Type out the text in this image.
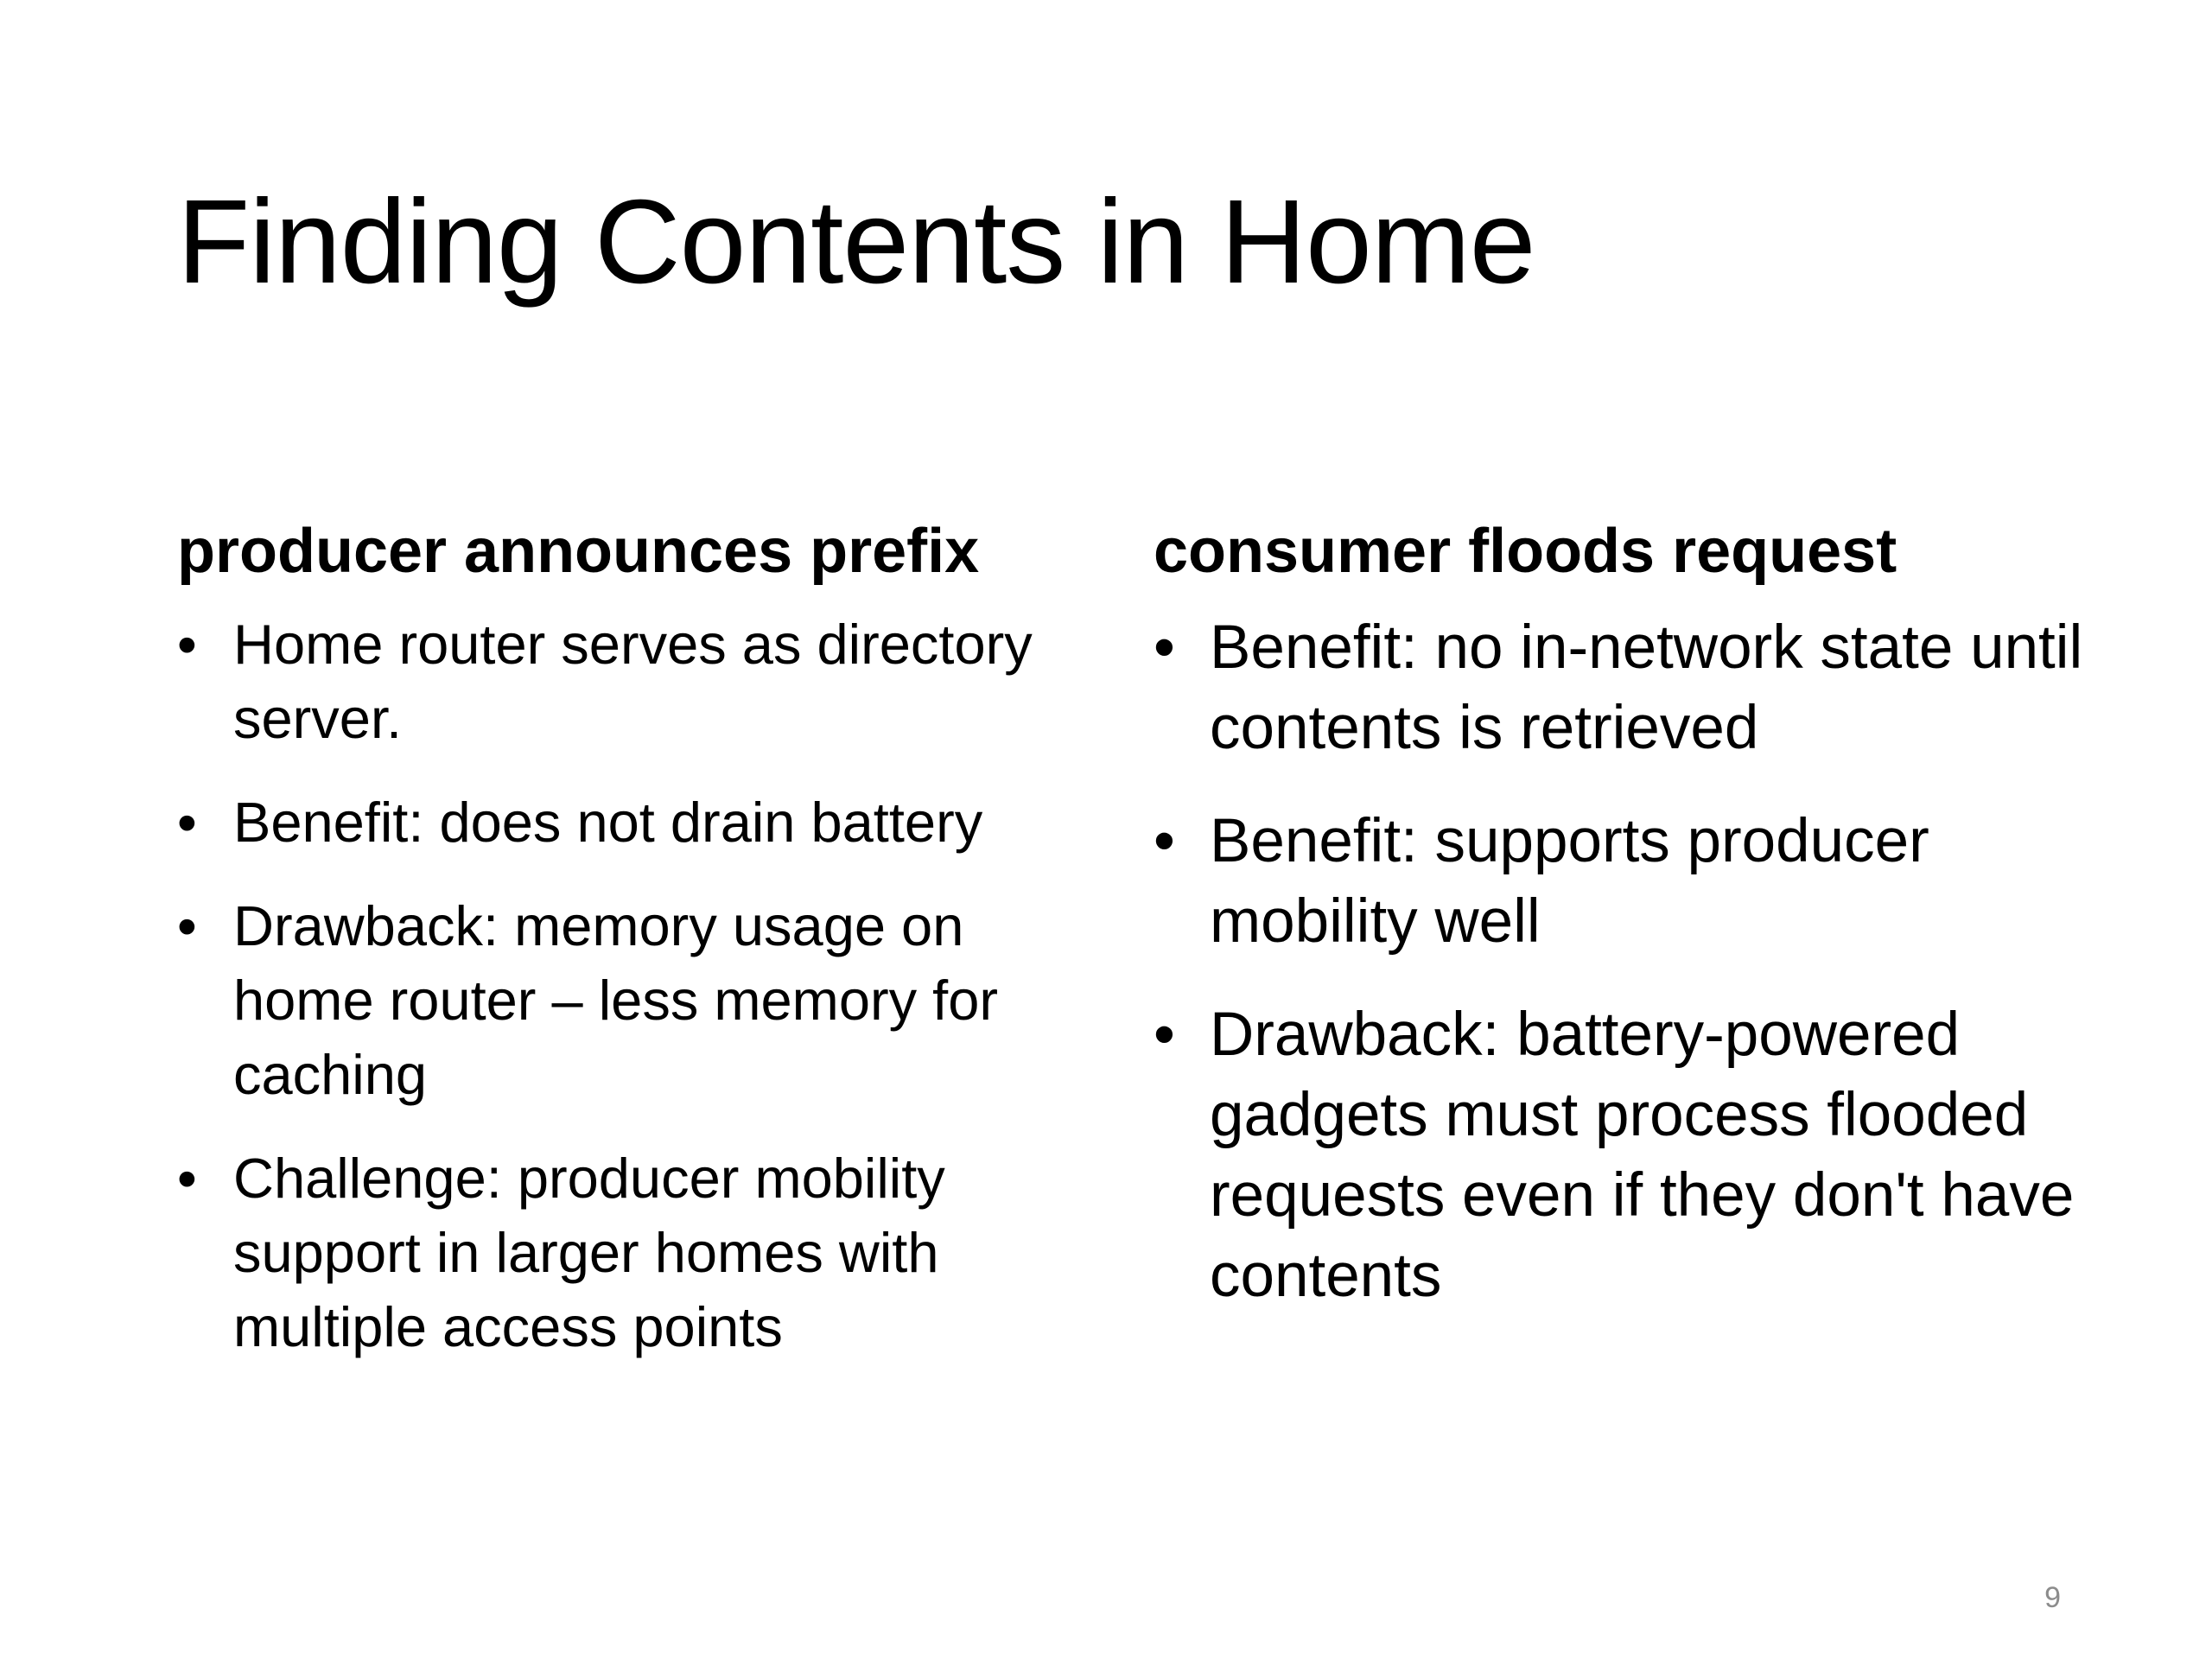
Finding Contents in Home
producer announces prefix
• Home router serves as directory server.
• Benefit: does not drain battery
• Drawback: memory usage on home router – less memory for caching
• Challenge: producer mobility support in larger homes with multiple access points
consumer floods request
• Benefit: no in-network state until contents is retrieved
• Benefit: supports producer mobility well
• Drawback: battery-powered gadgets must process flooded requests even if they don't have contents
9
